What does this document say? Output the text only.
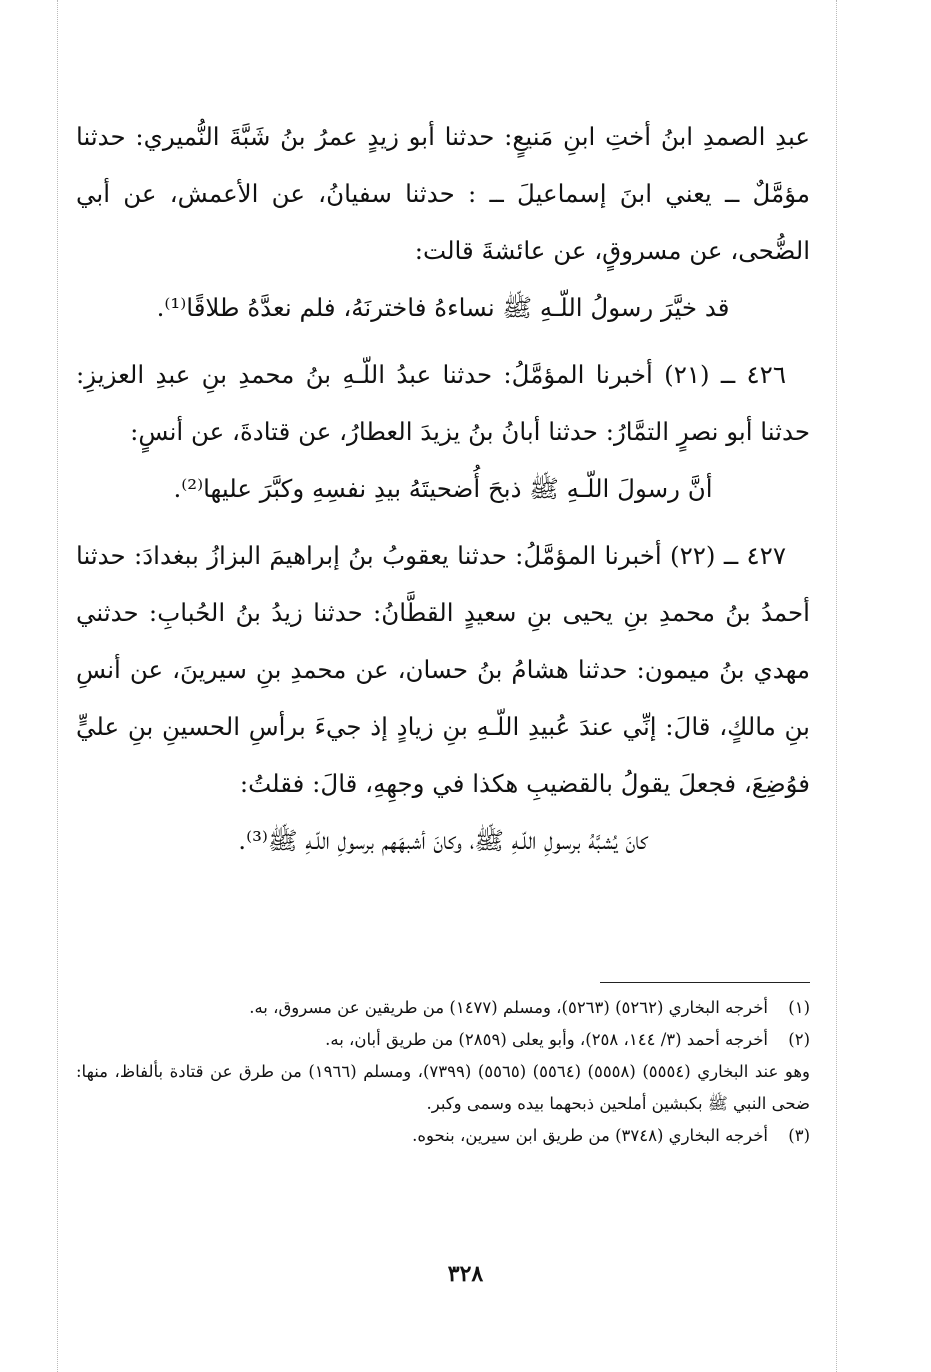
عبدِ الصمدِ ابنُ أختِ ابنِ مَنيعٍ: حدثنا أبو زيدٍ عمرُ بنُ شَبَّةَ النُّميري: حدثنا مؤمَّلٌ ــ يعني ابنَ إسماعيلَ ــ : حدثنا سفيانُ، عن الأعمش، عن أبي الضُّحى، عن مسروقٍ، عن عائشةَ قالت:

قد خيَّرَ رسولُ اللّـهِ ﷺ نساءهُ فاخترنَهُ، فلم نعدَّهُ طلاقًا⁽¹⁾.

٤٢٦ ــ (٢١) أخبرنا المؤمَّلُ: حدثنا عبدُ اللّـهِ بنُ محمدِ بنِ عبدِ العزيزِ: حدثنا أبو نصرٍ التمَّارُ: حدثنا أبانُ بنُ يزيدَ العطارُ، عن قتادةَ، عن أنسٍ:

أنَّ رسولَ اللّـهِ ﷺ ذبحَ أُضحيتَهُ بيدِ نفسِهِ وكبَّرَ عليها⁽²⁾.

٤٢٧ ــ (٢٢) أخبرنا المؤمَّلُ: حدثنا يعقوبُ بنُ إبراهيمَ البزازُ ببغدادَ: حدثنا أحمدُ بنُ محمدِ بنِ يحيى بنِ سعيدٍ القطَّانُ: حدثنا زيدُ بنُ الحُبابِ: حدثني مهدي بنُ ميمون: حدثنا هشامُ بنُ حسان، عن محمدِ بنِ سيرينَ، عن أنسِ بنِ مالكٍ، قالَ: إنِّي عندَ عُبيدِ اللّـهِ بنِ زيادٍ إذ جيءَ برأسِ الحسينِ بنِ عليٍّ فوُضِعَ، فجعلَ يقولُ بالقضيبِ هكذا في وجهِهِ، قالَ: فقلتُ:

كانَ يُشبَّهُ برسولِ اللّـهِ ﷺ، وكانَ أشبهَهم برسولِ اللّـهِ ﷺ⁽³⁾.

(١)
أخرجه البخاري (٥٢٦٢) (٥٢٦٣)، ومسلم (١٤٧٧) من طريقين عن مسروق، به.
(٢)
أخرجه أحمد (٣/ ١٤٤، ٢٥٨)، وأبو يعلى (٢٨٥٩) من طريق أبان، به.

وهو عند البخاري (٥٥٥٤) (٥٥٥٨) (٥٥٦٤) (٥٥٦٥) (٧٣٩٩)، ومسلم (١٩٦٦) من طرق عن قتادة بألفاظ، منها: ضحى النبي ﷺ بكبشين أملحين ذبحهما بيده وسمى وكبر.

(٣)
أخرجه البخاري (٣٧٤٨) من طريق ابن سيرين، بنحوه.
٣٢٨
